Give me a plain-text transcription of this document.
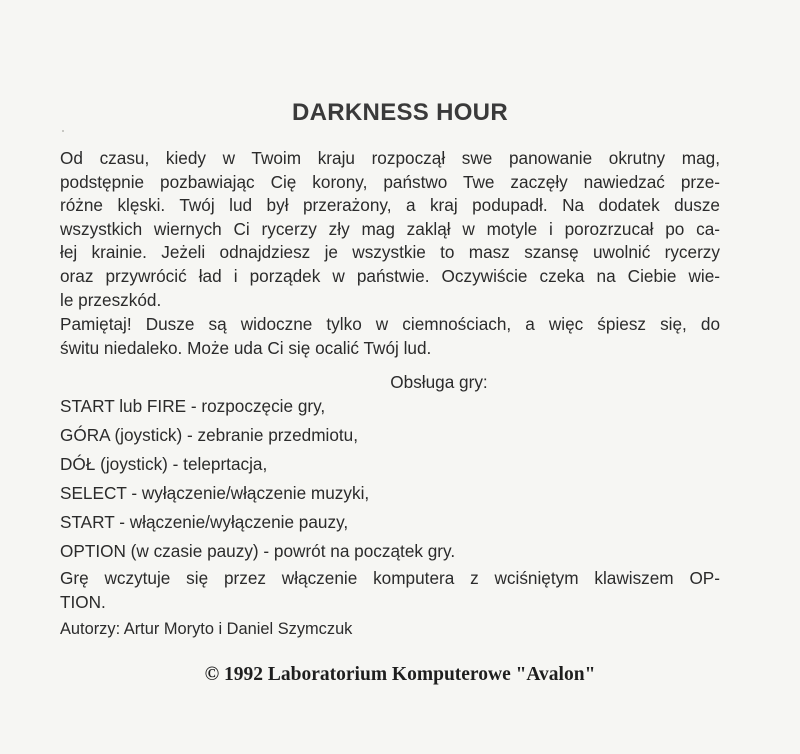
DARKNESS HOUR
Od czasu, kiedy w Twoim kraju rozpoczął swe panowanie okrutny mag,
podstępnie pozbawiając Cię korony, państwo Twe zaczęły nawiedzać prze-
różne klęski. Twój lud był przerażony, a kraj podupadł. Na dodatek dusze
wszystkich wiernych Ci rycerzy zły mag zaklął w motyle i porozrzucał po ca-
łej krainie. Jeżeli odnajdziesz je wszystkie to masz szansę uwolnić rycerzy
oraz przywrócić ład i porządek w państwie. Oczywiście czeka na Ciebie wie-
le przeszkód.
Pamiętaj! Dusze są widoczne tylko w ciemnościach, a więc śpiesz się, do
świtu niedaleko. Może uda Ci się ocalić Twój lud.
Obsługa gry:
START lub FIRE - rozpoczęcie gry,
GÓRA (joystick) - zebranie przedmiotu,
DÓŁ (joystick) - teleprtacja,
SELECT - wyłączenie/włączenie muzyki,
START - włączenie/wyłączenie pauzy,
OPTION (w czasie pauzy) - powrót na początek gry.
Grę wczytuje się przez włączenie komputera z wciśniętym klawiszem OP-
TION.
Autorzy: Artur Moryto i Daniel Szymczuk
© 1992 Laboratorium Komputerowe "Avalon"
